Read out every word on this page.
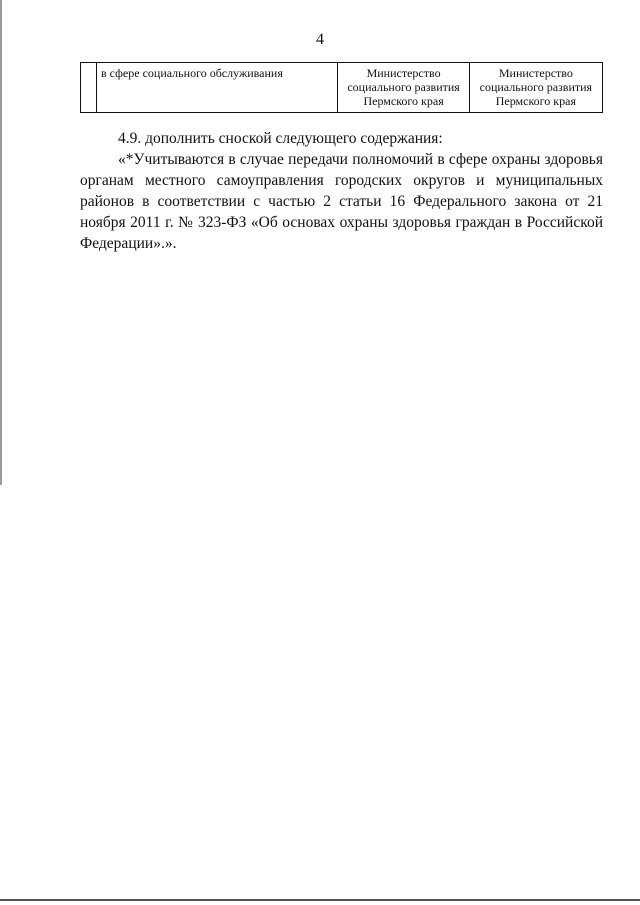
4
	в сфере социального обслуживания	Министерство социального развития Пермского края	Министерство социального развития Пермского края

4.9. дополнить сноской следующего содержания:

«*Учитываются в случае передачи полномочий в сфере охраны здоровья органам местного самоуправления городских округов и муниципальных районов в соответствии с частью 2 статьи 16 Федерального закона от 21 ноября 2011 г. № 323-ФЗ «Об основах охраны здоровья граждан в Российской Федерации».».
